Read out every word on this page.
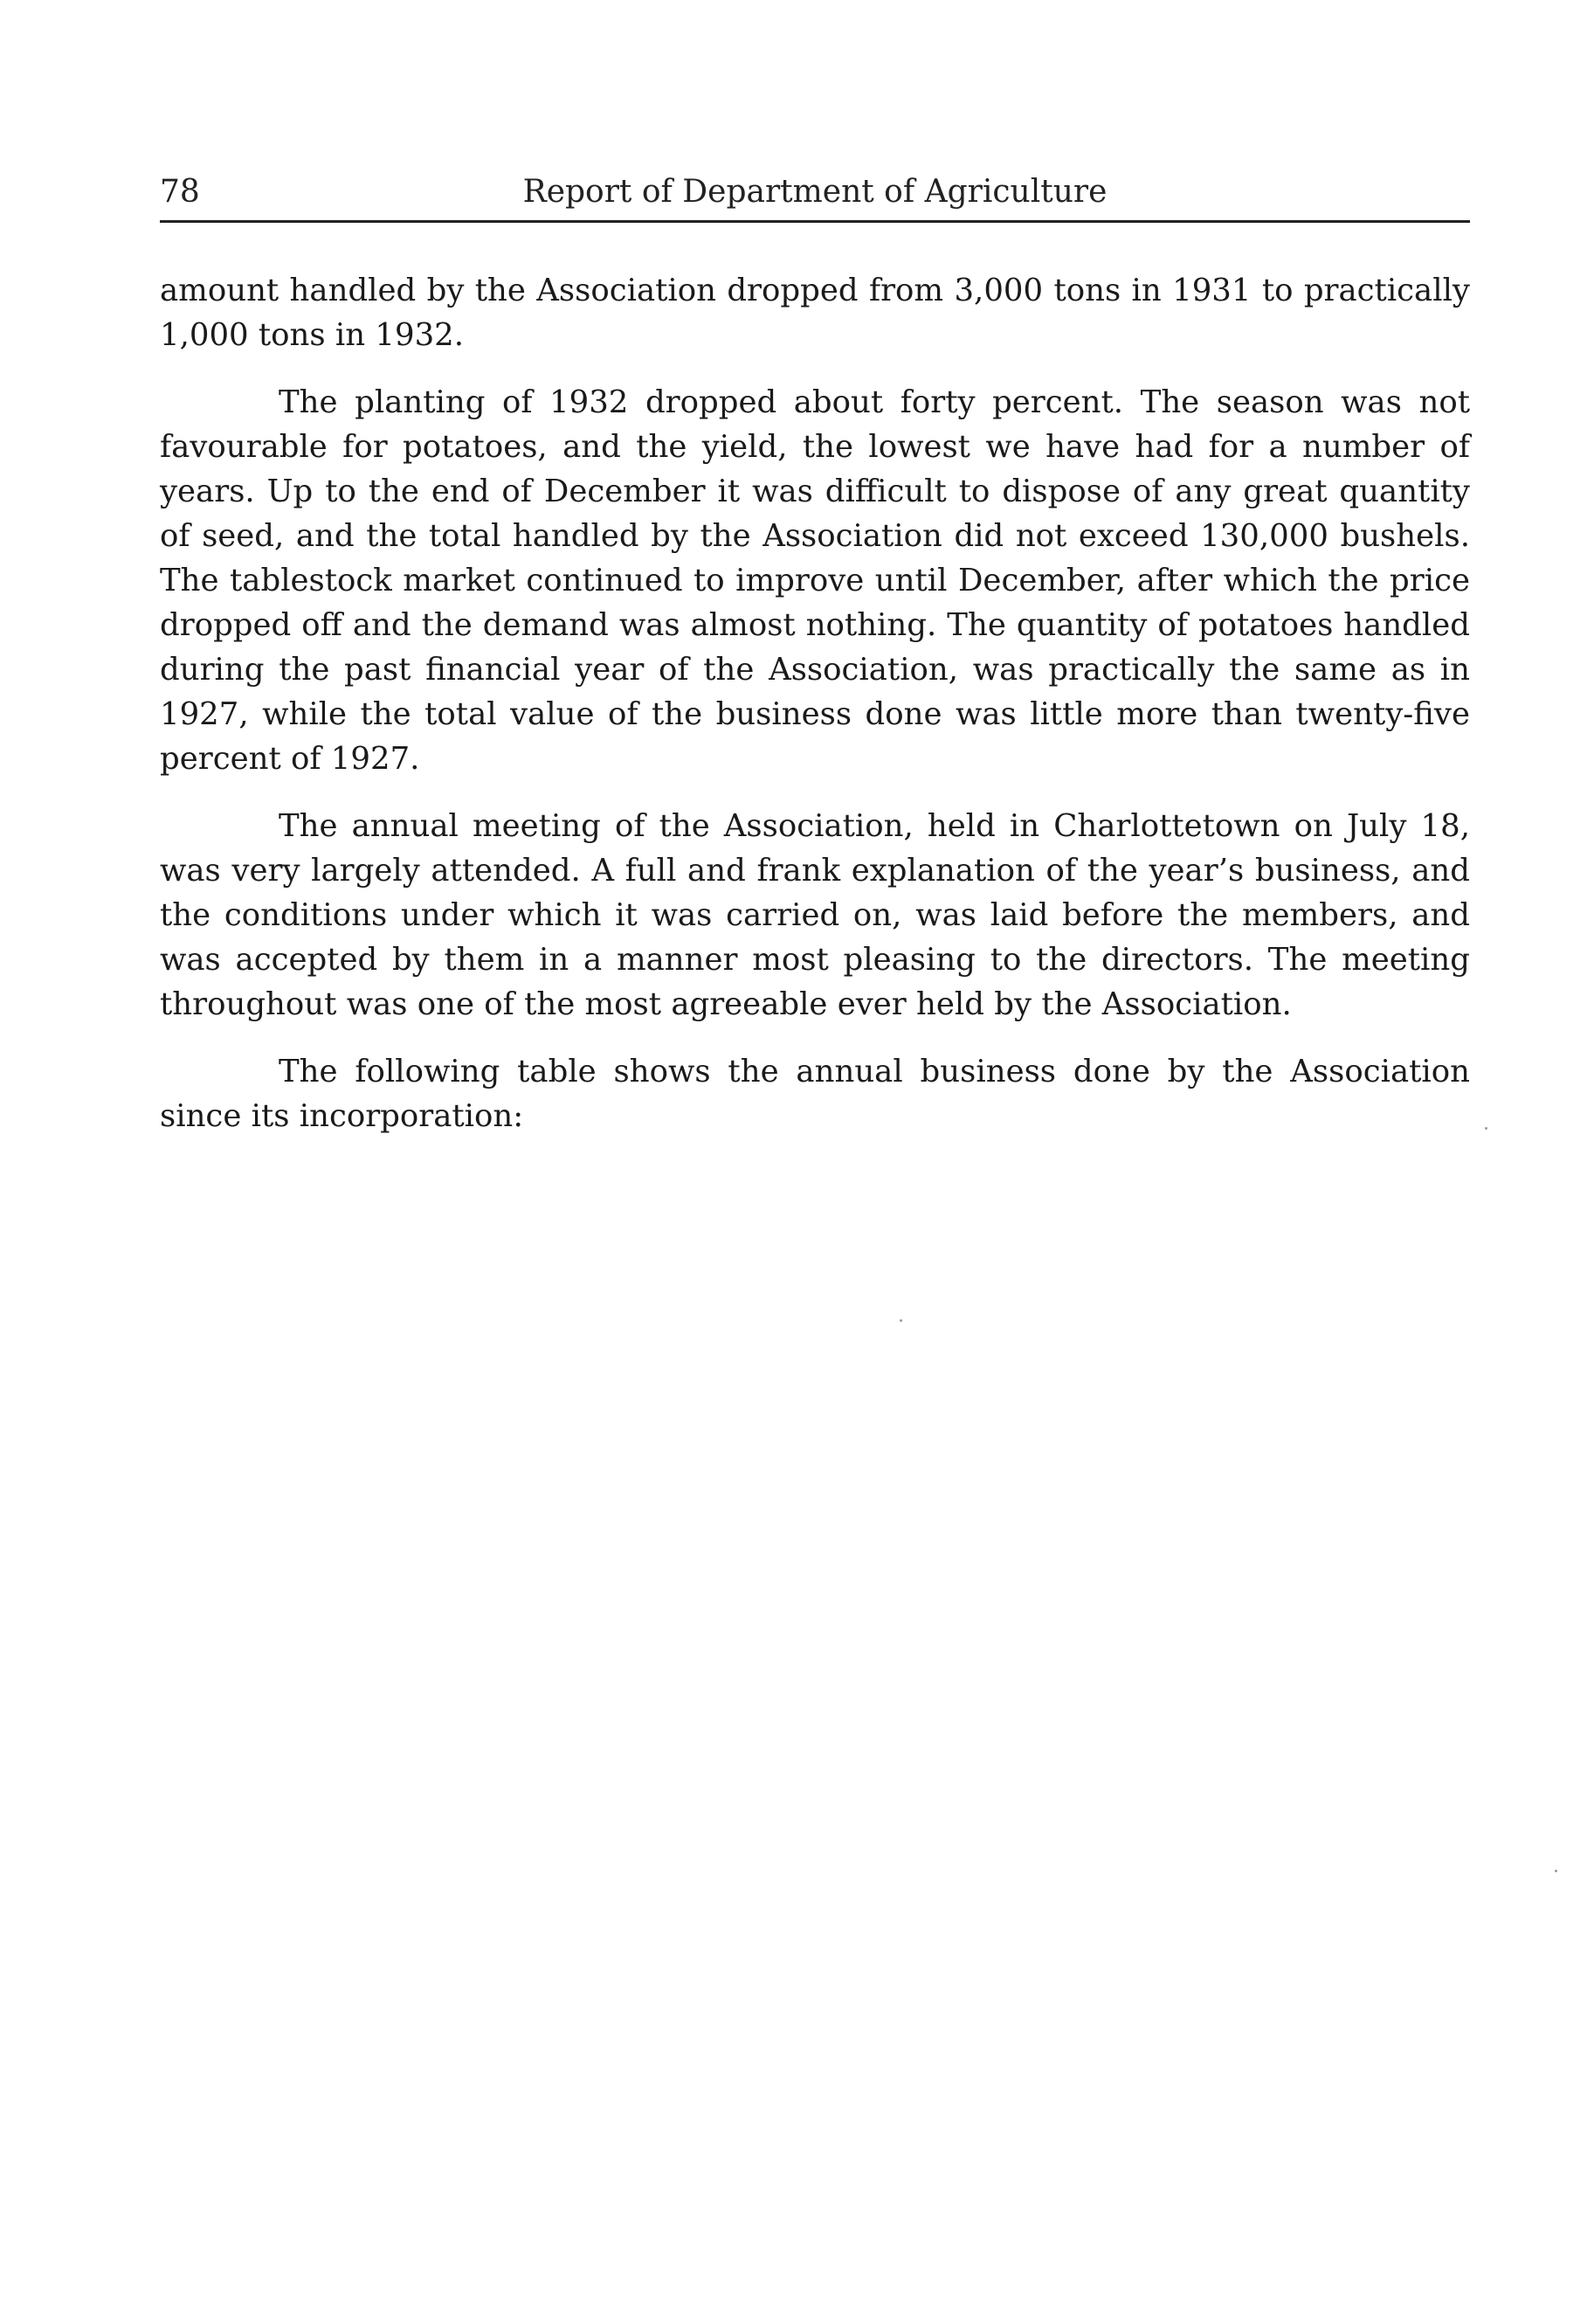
78	Report of Department of Agriculture

amount handled by the Association dropped from 3,000 tons in 1931 to practically 1,000 tons in 1932.

The planting of 1932 dropped about forty percent. The season was not favourable for potatoes, and the yield, the lowest we have had for a number of years. Up to the end of December it was difficult to dispose of any great quantity of seed, and the total handled by the Association did not exceed 130,000 bushels. The tablestock market continued to improve until December, after which the price dropped off and the demand was almost nothing. The quantity of potatoes handled during the past financial year of the Association, was practically the same as in 1927, while the total value of the business done was little more than twenty-five percent of 1927.

The annual meeting of the Association, held in Charlottetown on July 18, was very largely attended. A full and frank explanation of the year’s business, and the conditions under which it was carried on, was laid before the members, and was accepted by them in a manner most pleasing to the directors. The meeting throughout was one of the most agreeable ever held by the Association.

The following table shows the annual business done by the Association since its incorporation:
